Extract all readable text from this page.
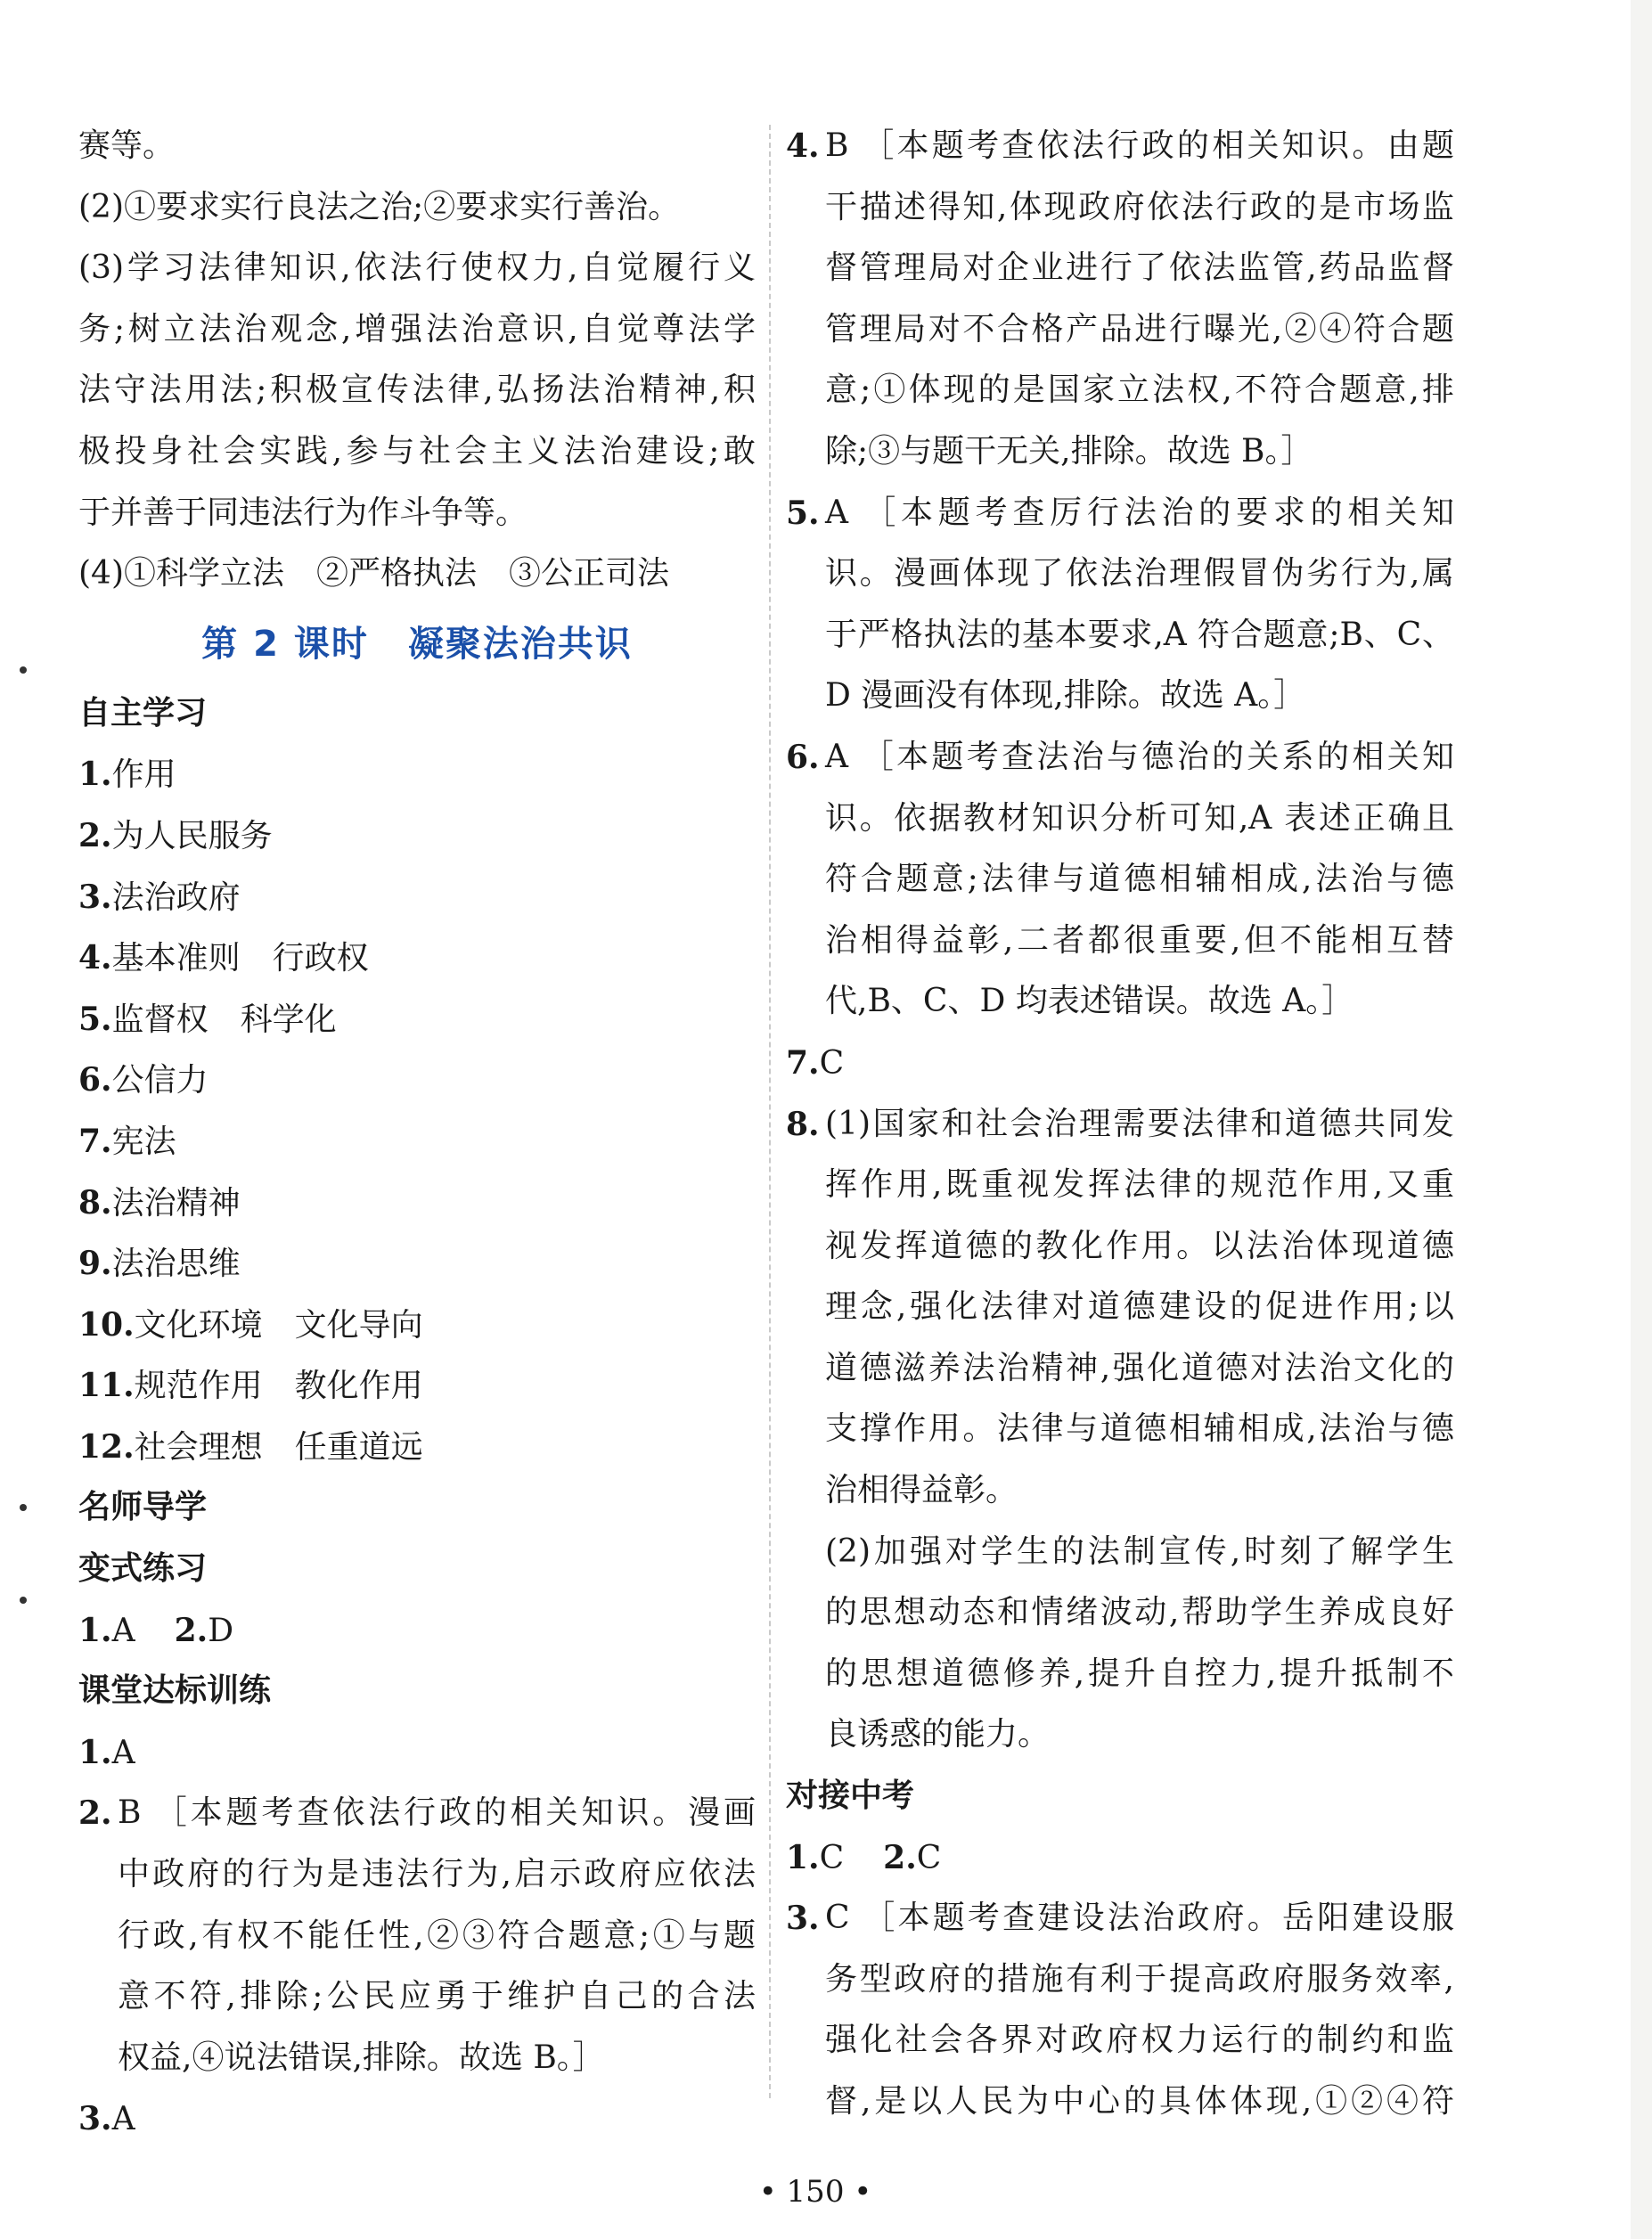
赛等。
(2)①要求实行良法之治;②要求实行善治。
(3)学习法律知识,依法行使权力,自觉履行义
务;树立法治观念,增强法治意识,自觉尊法学
法守法用法;积极宣传法律,弘扬法治精神,积
极投身社会实践,参与社会主义法治建设;敢
于并善于同违法行为作斗争等。
(4)①科学立法　②严格执法　③公正司法
第 2 课时 凝聚法治共识
自主学习
1.作用
2.为人民服务
3.法治政府
4.基本准则　行政权
5.监督权　科学化
6.公信力
7.宪法
8.法治精神
9.法治思维
10.文化环境　文化导向
11.规范作用　教化作用
12.社会理想　任重道远
名师导学
变式练习
1.A 2.D
课堂达标训练
1.A
2. B ［本题考查依法行政的相关知识。漫画
中政府的行为是违法行为,启示政府应依法
行政,有权不能任性,②③符合题意;①与题
意不符,排除;公民应勇于维护自己的合法
权益,④说法错误,排除。故选 B。］
3.A
4. B ［本题考查依法行政的相关知识。由题
干描述得知,体现政府依法行政的是市场监
督管理局对企业进行了依法监管,药品监督
管理局对不合格产品进行曝光,②④符合题
意;①体现的是国家立法权,不符合题意,排
除;③与题干无关,排除。故选 B。］
5. A ［本题考查厉行法治的要求的相关知
识。漫画体现了依法治理假冒伪劣行为,属
于严格执法的基本要求,A 符合题意;B、C、
D 漫画没有体现,排除。故选 A。］
6. A ［本题考查法治与德治的关系的相关知
识。依据教材知识分析可知,A 表述正确且
符合题意;法律与道德相辅相成,法治与德
治相得益彰,二者都很重要,但不能相互替
代,B、C、D 均表述错误。故选 A。］
7.C
8. (1)国家和社会治理需要法律和道德共同发
挥作用,既重视发挥法律的规范作用,又重
视发挥道德的教化作用。以法治体现道德
理念,强化法律对道德建设的促进作用;以
道德滋养法治精神,强化道德对法治文化的
支撑作用。法律与道德相辅相成,法治与德
治相得益彰。
(2)加强对学生的法制宣传,时刻了解学生
的思想动态和情绪波动,帮助学生养成良好
的思想道德修养,提升自控力,提升抵制不
良诱惑的能力。
对接中考
1.C 2.C
3. C ［本题考查建设法治政府。岳阳建设服
务型政府的措施有利于提高政府服务效率,
强化社会各界对政府权力运行的制约和监
督,是以人民为中心的具体体现,①②④符
• 150 •
